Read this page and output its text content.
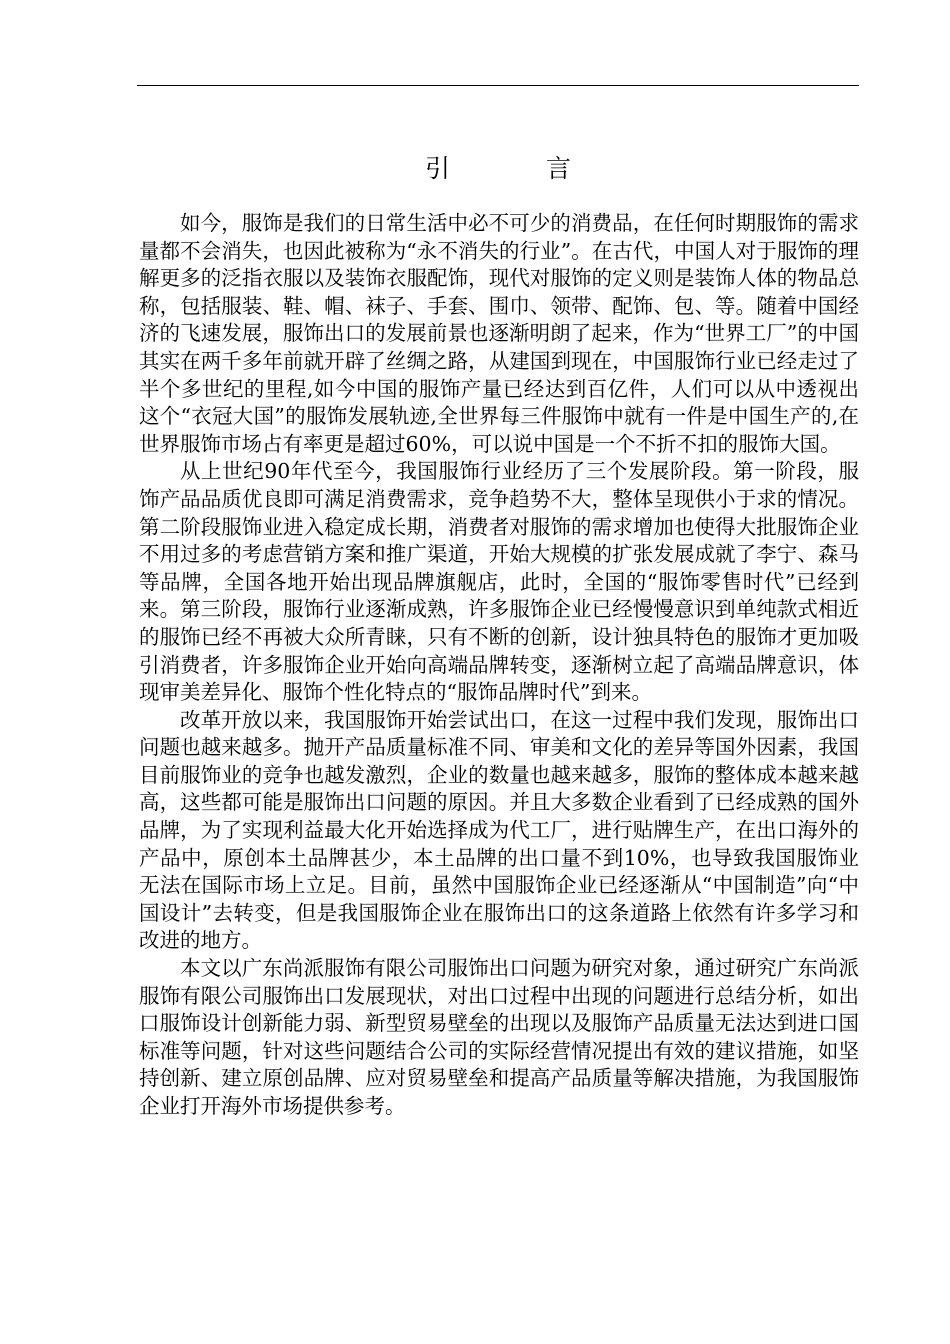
引 言

如今，服饰是我们的日常生活中必不可少的消费品，在任何时期服饰的需求量都不会消失，也因此被称为“永不消失的行业”。在古代，中国人对于服饰的理解更多的泛指衣服以及装饰衣服配饰，现代对服饰的定义则是装饰人体的物品总称，包括服装、鞋、帽、袜子、手套、围巾、领带、配饰、包、等。随着中国经济的飞速发展，服饰出口的发展前景也逐渐明朗了起来，作为“世界工厂”的中国其实在两千多年前就开辟了丝绸之路，从建国到现在，中国服饰行业已经走过了半个多世纪的里程,如今中国的服饰产量已经达到百亿件，人们可以从中透视出这个“衣冠大国”的服饰发展轨迹,全世界每三件服饰中就有一件是中国生产的,在世界服饰市场占有率更是超过60%，可以说中国是一个不折不扣的服饰大国。

从上世纪90年代至今，我国服饰行业经历了三个发展阶段。第一阶段，服饰产品品质优良即可满足消费需求，竞争趋势不大，整体呈现供小于求的情况。第二阶段服饰业进入稳定成长期，消费者对服饰的需求增加也使得大批服饰企业不用过多的考虑营销方案和推广渠道，开始大规模的扩张发展成就了李宁、森马等品牌，全国各地开始出现品牌旗舰店，此时，全国的“服饰零售时代”已经到来。第三阶段，服饰行业逐渐成熟，许多服饰企业已经慢慢意识到单纯款式相近的服饰已经不再被大众所青睐，只有不断的创新，设计独具特色的服饰才更加吸引消费者，许多服饰企业开始向高端品牌转变，逐渐树立起了高端品牌意识，体现审美差异化、服饰个性化特点的“服饰品牌时代”到来。

改革开放以来，我国服饰开始尝试出口，在这一过程中我们发现，服饰出口问题也越来越多。抛开产品质量标准不同、审美和文化的差异等国外因素，我国目前服饰业的竞争也越发激烈，企业的数量也越来越多，服饰的整体成本越来越高，这些都可能是服饰出口问题的原因。并且大多数企业看到了已经成熟的国外品牌，为了实现利益最大化开始选择成为代工厂，进行贴牌生产，在出口海外的产品中，原创本土品牌甚少，本土品牌的出口量不到10%，也导致我国服饰业无法在国际市场上立足。目前，虽然中国服饰企业已经逐渐从“中国制造”向“中国设计”去转变，但是我国服饰企业在服饰出口的这条道路上依然有许多学习和改进的地方。

本文以广东尚派服饰有限公司服饰出口问题为研究对象，通过研究广东尚派服饰有限公司服饰出口发展现状，对出口过程中出现的问题进行总结分析，如出口服饰设计创新能力弱、新型贸易壁垒的出现以及服饰产品质量无法达到进口国标准等问题，针对这些问题结合公司的实际经营情况提出有效的建议措施，如坚持创新、建立原创品牌、应对贸易壁垒和提高产品质量等解决措施，为我国服饰企业打开海外市场提供参考。
